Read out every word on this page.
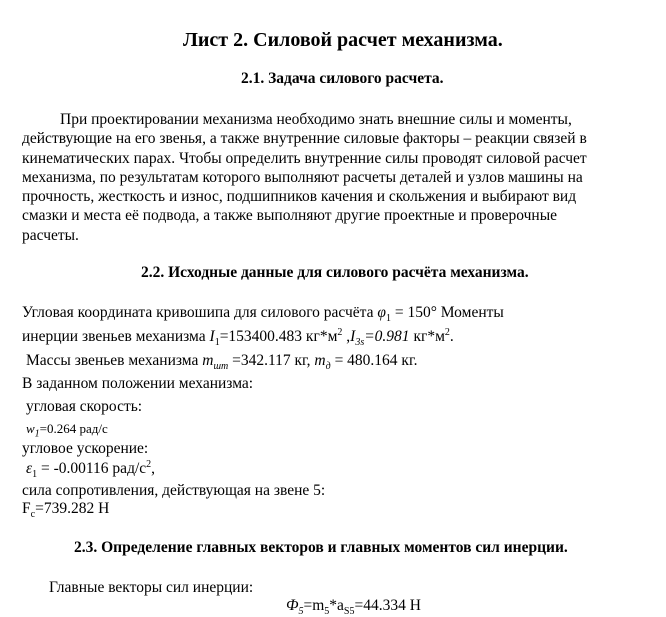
Лист 2. Силовой расчет механизма.
2.1. Задача силового расчета.
При проектировании механизма необходимо знать внешние силы и моменты,
действующие на его звенья, а также внутренние силовые факторы – реакции связей в
кинематических парах. Чтобы определить внутренние силы проводят силовой расчет
механизма, по результатам которого выполняют расчеты деталей и узлов машины на
прочность, жесткость и износ, подшипников качения и скольжения и выбирают вид
смазки и места её подвода, а также выполняют другие проектные и проверочные
расчеты.
2.2. Исходные данные для силового расчёта механизма.
Угловая координата кривошипа для силового расчёта $\varphi_1 = 150^\circ$ Моменты
инерции звеньев механизма $I_1=153400.483$ $кг*м^2$ $,I_{3s}=0.981$ $кг*м^2$.
Массы звеньев механизма $m_{шт} =342.117$ кг, $m_д = 480.164$ кг.
В заданном положении механизма:
угловая скорость:
$w_1=0.264$ рад/с
угловое ускорение:
$\varepsilon_1 = -0.00116$ рад/$с^2$,
сила сопротивления, действующая на звене 5:
$F_c=739.282$ Н
2.3. Определение главных векторов и главных моментов сил инерции.
Главные векторы сил инерции:
$Ф_5=m_5*a_{S5}=44.334$ Н
